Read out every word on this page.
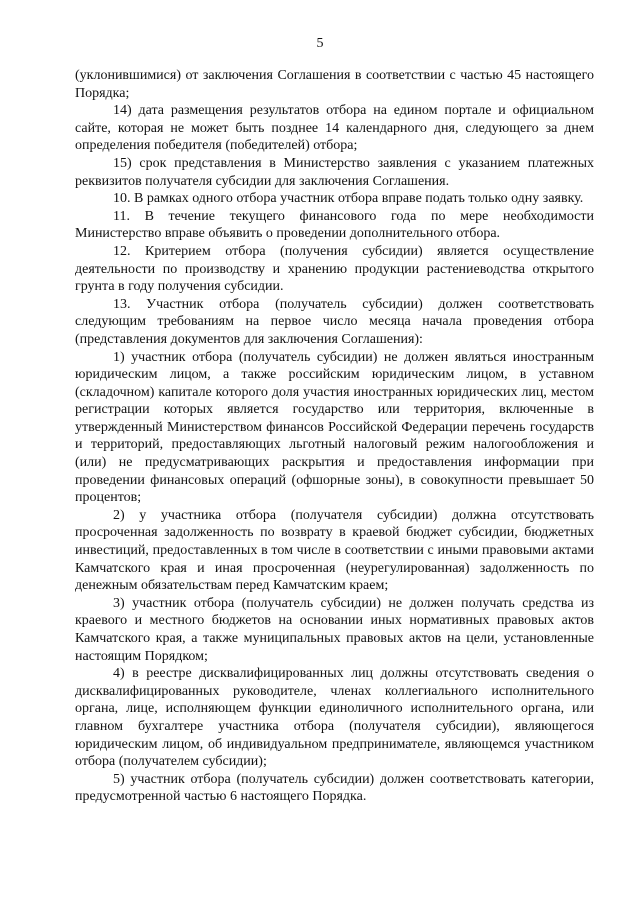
5

(уклонившимися) от заключения Соглашения в соответствии с частью 45 настоящего Порядка;

14) дата размещения результатов отбора на едином портале и официальном сайте, которая не может быть позднее 14 календарного дня, следующего за днем определения победителя (победителей) отбора;

15) срок представления в Министерство заявления с указанием платежных реквизитов получателя субсидии для заключения Соглашения.

10. В рамках одного отбора участник отбора вправе подать только одну заявку.

11. В течение текущего финансового года по мере необходимости Министерство вправе объявить о проведении дополнительного отбора.

12. Критерием отбора (получения субсидии) является осуществление деятельности по производству и хранению продукции растениеводства открытого грунта в году получения субсидии.

13. Участник отбора (получатель субсидии) должен соответствовать следующим требованиям на первое число месяца начала проведения отбора (представления документов для заключения Соглашения):

1) участник отбора (получатель субсидии) не должен являться иностранным юридическим лицом, а также российским юридическим лицом, в уставном (складочном) капитале которого доля участия иностранных юридических лиц, местом регистрации которых является государство или территория, включенные в утвержденный Министерством финансов Российской Федерации перечень государств и территорий, предоставляющих льготный налоговый режим налогообложения и (или) не предусматривающих раскрытия и предоставления информации при проведении финансовых операций (офшорные зоны), в совокупности превышает 50 процентов;

2) у участника отбора (получателя субсидии) должна отсутствовать просроченная задолженность по возврату в краевой бюджет субсидии, бюджетных инвестиций, предоставленных в том числе в соответствии с иными правовыми актами Камчатского края и иная просроченная (неурегулированная) задолженность по денежным обязательствам перед Камчатским краем;

3) участник отбора (получатель субсидии) не должен получать средства из краевого и местного бюджетов на основании иных нормативных правовых актов Камчатского края, а также муниципальных правовых актов на цели, установленные настоящим Порядком;

4) в реестре дисквалифицированных лиц должны отсутствовать сведения о дисквалифицированных руководителе, членах коллегиального исполнительного органа, лице, исполняющем функции единоличного исполнительного органа, или главном бухгалтере участника отбора (получателя субсидии), являющегося юридическим лицом, об индивидуальном предпринимателе, являющемся участником отбора (получателем субсидии);

5) участник отбора (получатель субсидии) должен соответствовать категории, предусмотренной частью 6 настоящего Порядка.
